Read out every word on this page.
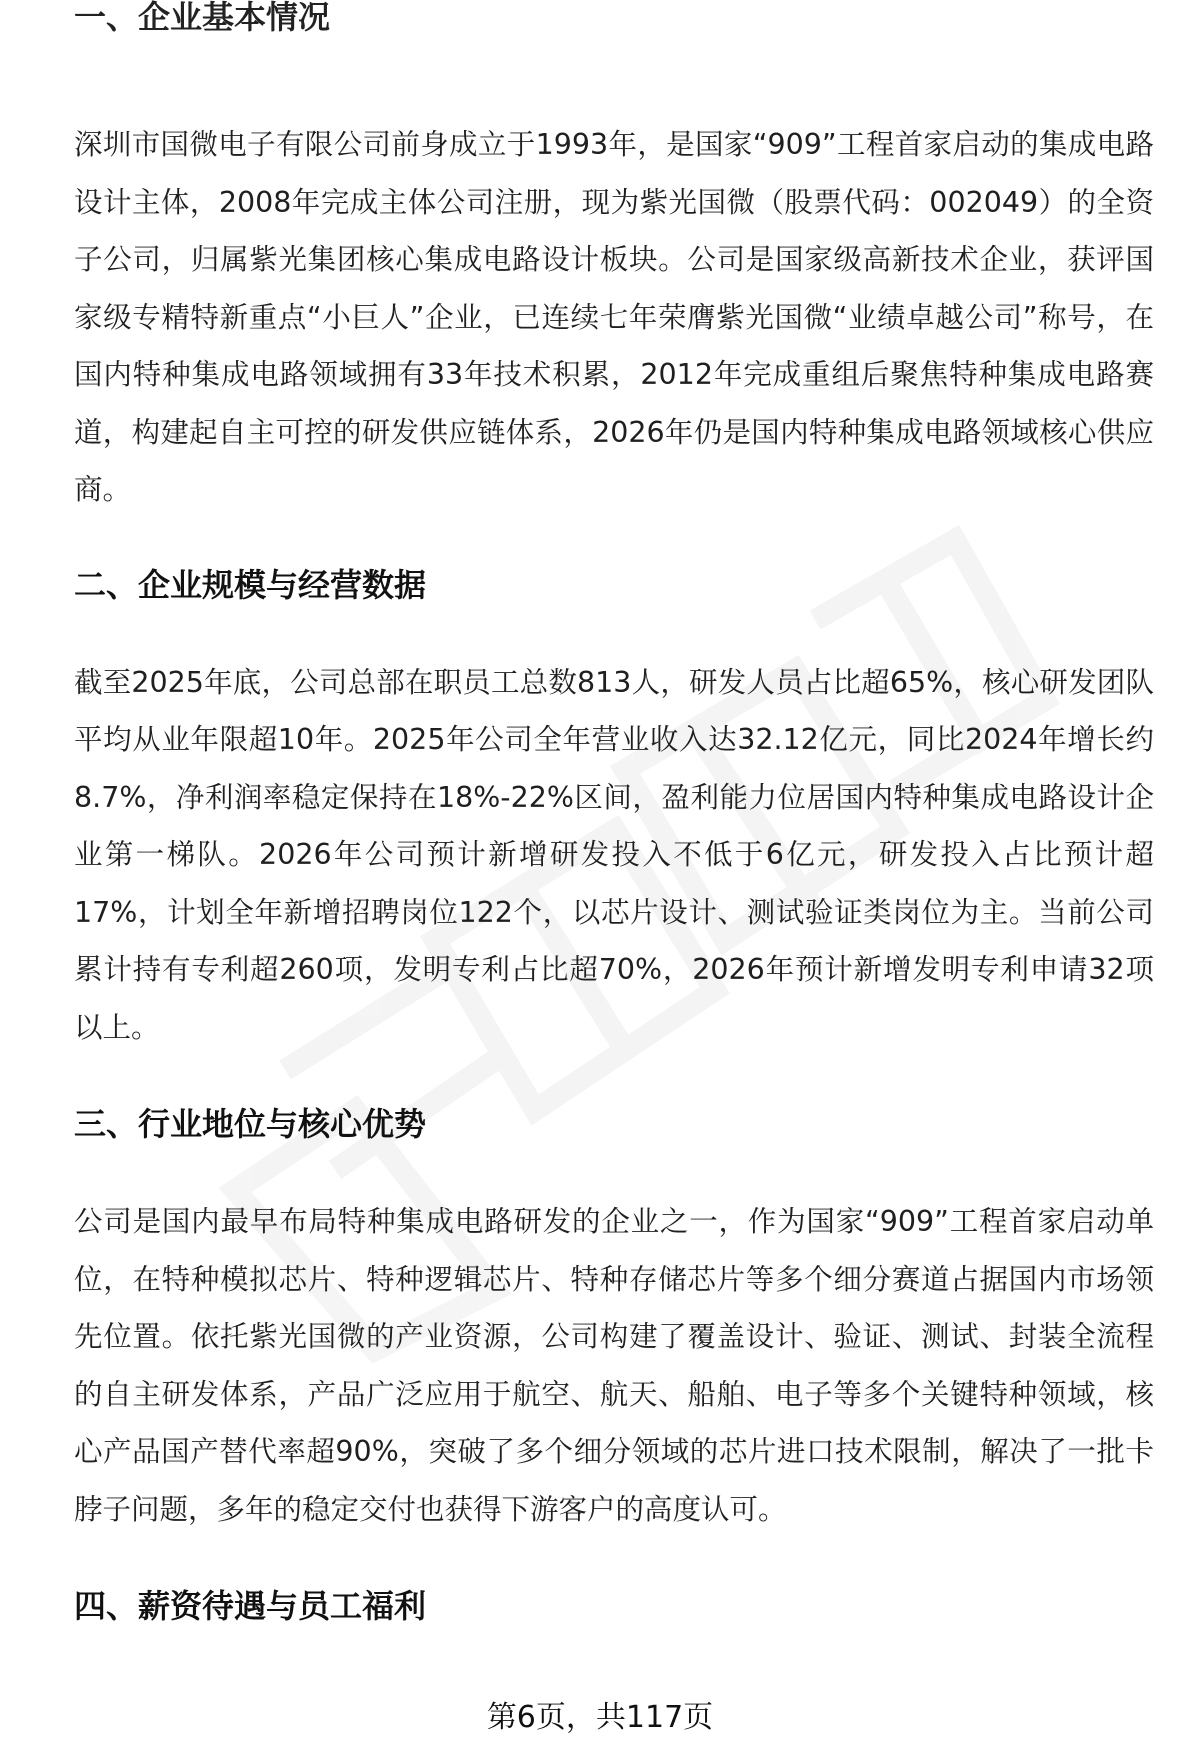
一、企业基本情况

深圳市国微电子有限公司前身成立于1993年，是国家“909”工程首家启动的集成电路设计主体，2008年完成主体公司注册，现为紫光国微（股票代码：002049）的全资子公司，归属紫光集团核心集成电路设计板块。公司是国家级高新技术企业，获评国家级专精特新重点“小巨人”企业，已连续七年荣膺紫光国微“业绩卓越公司”称号，在国内特种集成电路领域拥有33年技术积累，2012年完成重组后聚焦特种集成电路赛道，构建起自主可控的研发供应链体系，2026年仍是国内特种集成电路领域核心供应商。

二、企业规模与经营数据

截至2025年底，公司总部在职员工总数813人，研发人员占比超65%，核心研发团队平均从业年限超10年。2025年公司全年营业收入达32.12亿元，同比2024年增长约8.7%，净利润率稳定保持在18%-22%区间，盈利能力位居国内特种集成电路设计企业第一梯队。2026年公司预计新增研发投入不低于6亿元，研发投入占比预计超17%，计划全年新增招聘岗位122个，以芯片设计、测试验证类岗位为主。当前公司累计持有专利超260项，发明专利占比超70%，2026年预计新增发明专利申请32项以上。

三、行业地位与核心优势

公司是国内最早布局特种集成电路研发的企业之一，作为国家“909”工程首家启动单位，在特种模拟芯片、特种逻辑芯片、特种存储芯片等多个细分赛道占据国内市场领先位置。依托紫光国微的产业资源，公司构建了覆盖设计、验证、测试、封装全流程的自主研发体系，产品广泛应用于航空、航天、船舶、电子等多个关键特种领域，核心产品国产替代率超90%，突破了多个细分领域的芯片进口技术限制，解决了一批卡脖子问题，多年的稳定交付也获得下游客户的高度认可。

四、薪资待遇与员工福利
第6页，共117页
